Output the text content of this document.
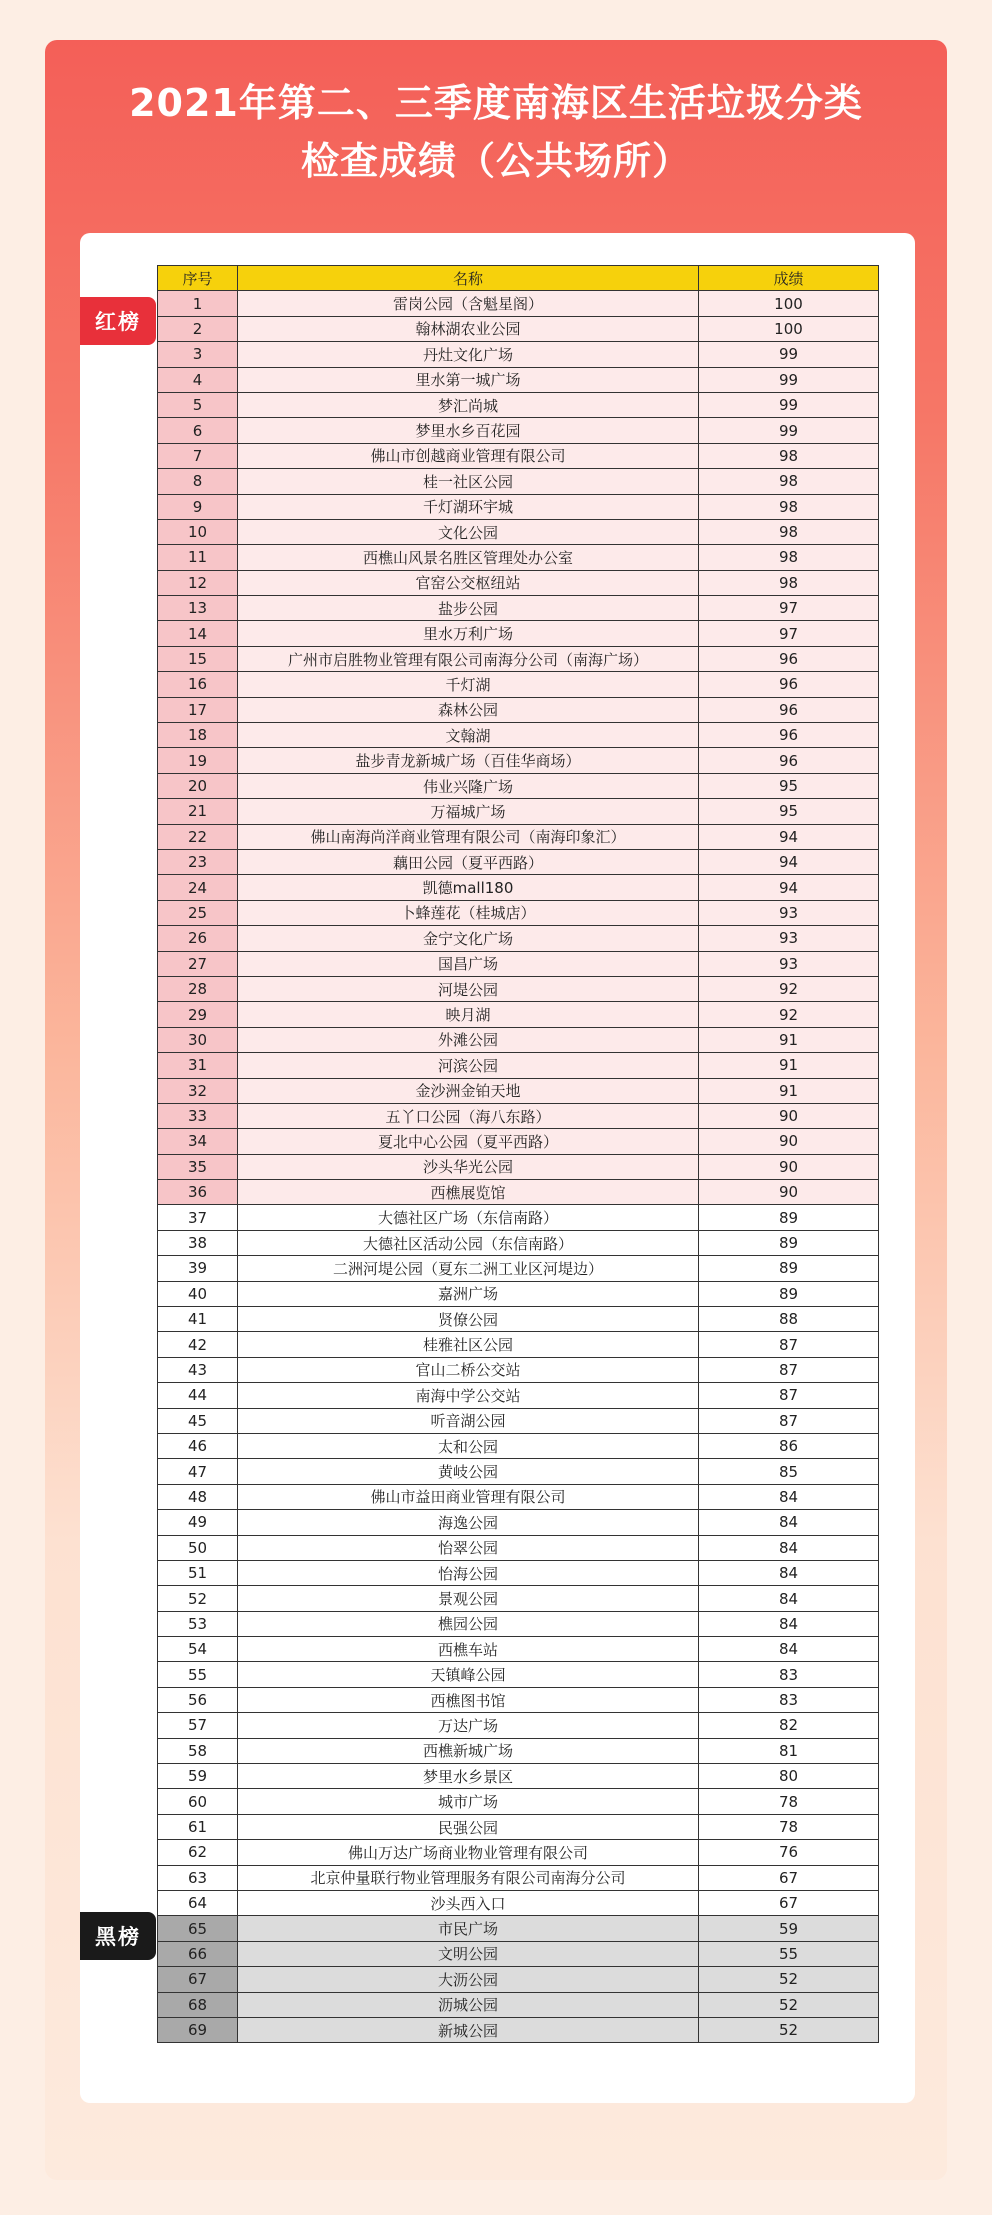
2021年第二、三季度南海区生活垃圾分类
检查成绩（公共场所）
序号	名称	成绩
1	雷岗公园（含魁星阁）	100
2	翰林湖农业公园	100
3	丹灶文化广场	99
4	里水第一城广场	99
5	梦汇尚城	99
6	梦里水乡百花园	99
7	佛山市创越商业管理有限公司	98
8	桂一社区公园	98
9	千灯湖环宇城	98
10	文化公园	98
11	西樵山风景名胜区管理处办公室	98
12	官窑公交枢纽站	98
13	盐步公园	97
14	里水万利广场	97
15	广州市启胜物业管理有限公司南海分公司（南海广场）	96
16	千灯湖	96
17	森林公园	96
18	文翰湖	96
19	盐步青龙新城广场（百佳华商场）	96
20	伟业兴隆广场	95
21	万福城广场	95
22	佛山南海尚洋商业管理有限公司（南海印象汇）	94
23	藕田公园（夏平西路）	94
24	凯德mall180	94
25	卜蜂莲花（桂城店）	93
26	金宁文化广场	93
27	国昌广场	93
28	河堤公园	92
29	映月湖	92
30	外滩公园	91
31	河滨公园	91
32	金沙洲金铂天地	91
33	五丫口公园（海八东路）	90
34	夏北中心公园（夏平西路）	90
35	沙头华光公园	90
36	西樵展览馆	90
37	大德社区广场（东信南路）	89
38	大德社区活动公园（东信南路）	89
39	二洲河堤公园（夏东二洲工业区河堤边）	89
40	嘉洲广场	89
41	贤僚公园	88
42	桂雅社区公园	87
43	官山二桥公交站	87
44	南海中学公交站	87
45	听音湖公园	87
46	太和公园	86
47	黄岐公园	85
48	佛山市益田商业管理有限公司	84
49	海逸公园	84
50	怡翠公园	84
51	怡海公园	84
52	景观公园	84
53	樵园公园	84
54	西樵车站	84
55	天镇峰公园	83
56	西樵图书馆	83
57	万达广场	82
58	西樵新城广场	81
59	梦里水乡景区	80
60	城市广场	78
61	民强公园	78
62	佛山万达广场商业物业管理有限公司	76
63	北京仲量联行物业管理服务有限公司南海分公司	67
64	沙头西入口	67
65	市民广场	59
66	文明公园	55
67	大沥公园	52
68	沥城公园	52
69	新城公园	52
红榜
黑榜
